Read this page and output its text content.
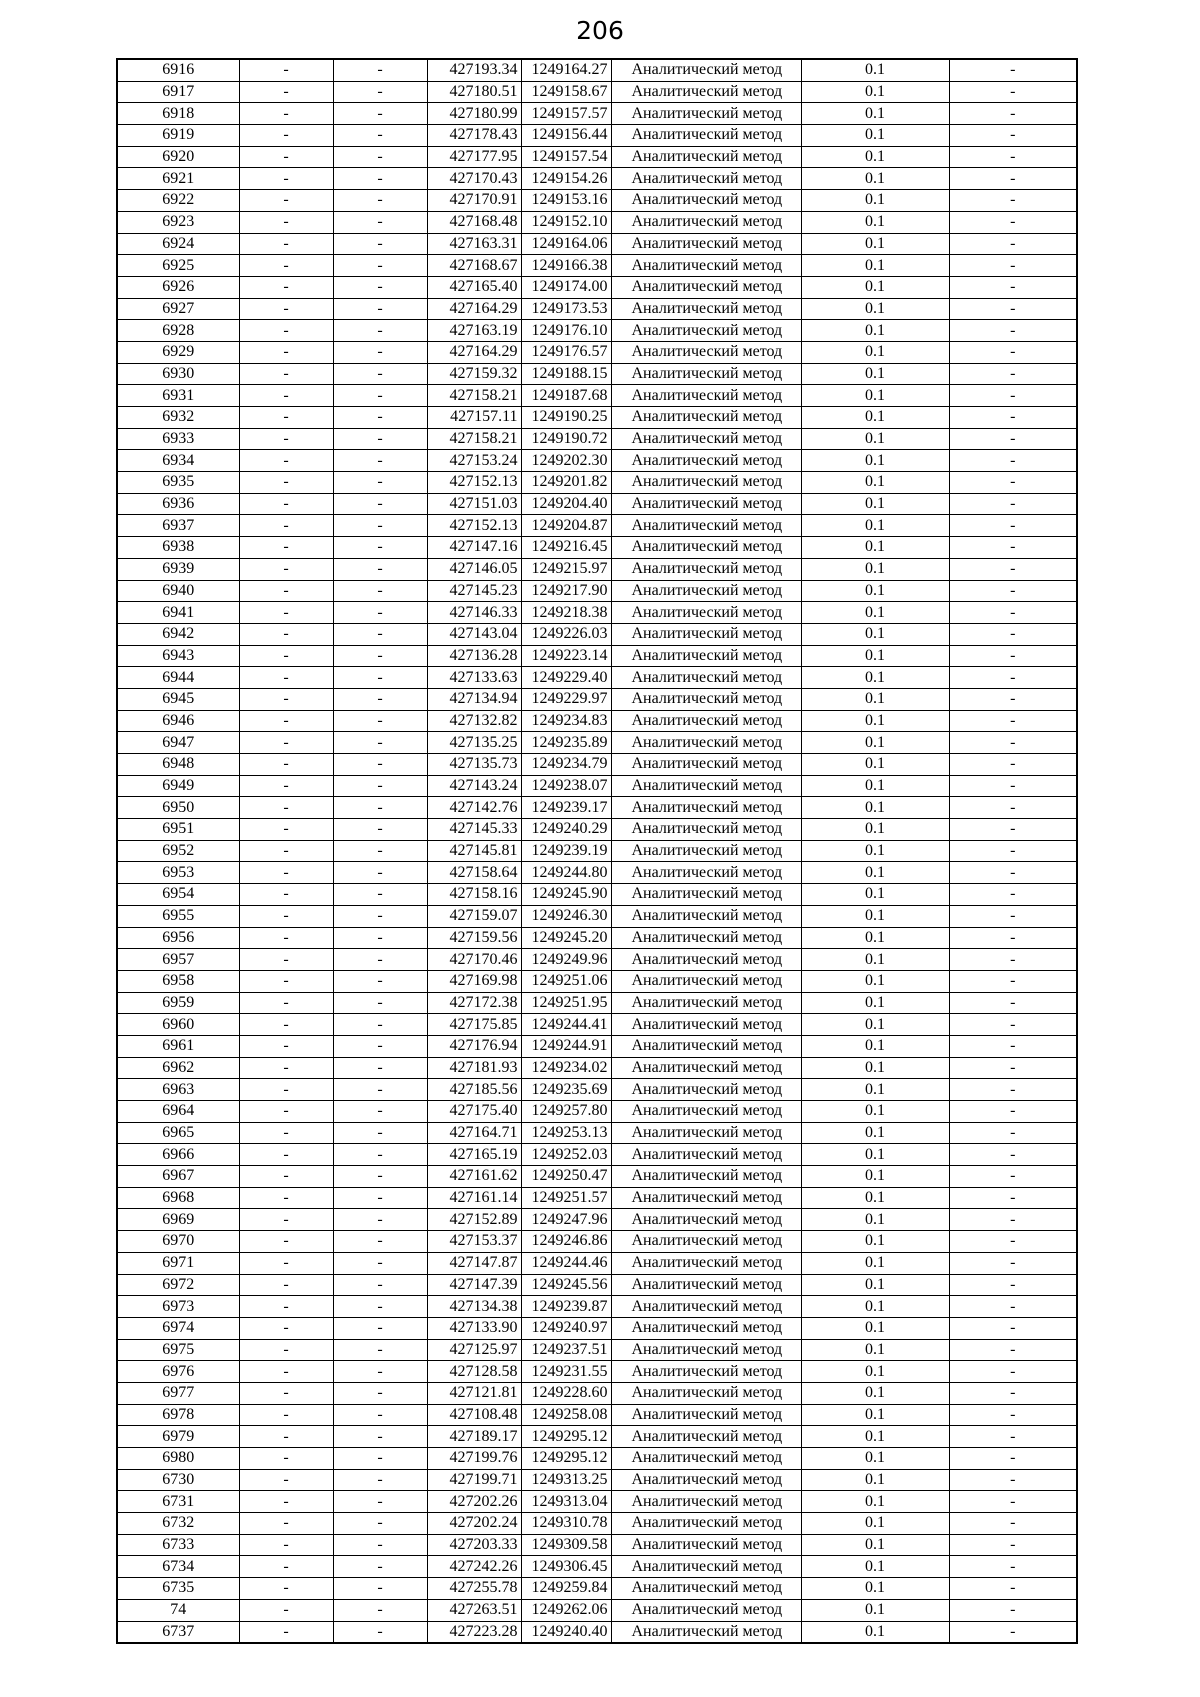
206
6916	-	-	427193.34	1249164.27	Аналитический метод	0.1	-
6917	-	-	427180.51	1249158.67	Аналитический метод	0.1	-
6918	-	-	427180.99	1249157.57	Аналитический метод	0.1	-
6919	-	-	427178.43	1249156.44	Аналитический метод	0.1	-
6920	-	-	427177.95	1249157.54	Аналитический метод	0.1	-
6921	-	-	427170.43	1249154.26	Аналитический метод	0.1	-
6922	-	-	427170.91	1249153.16	Аналитический метод	0.1	-
6923	-	-	427168.48	1249152.10	Аналитический метод	0.1	-
6924	-	-	427163.31	1249164.06	Аналитический метод	0.1	-
6925	-	-	427168.67	1249166.38	Аналитический метод	0.1	-
6926	-	-	427165.40	1249174.00	Аналитический метод	0.1	-
6927	-	-	427164.29	1249173.53	Аналитический метод	0.1	-
6928	-	-	427163.19	1249176.10	Аналитический метод	0.1	-
6929	-	-	427164.29	1249176.57	Аналитический метод	0.1	-
6930	-	-	427159.32	1249188.15	Аналитический метод	0.1	-
6931	-	-	427158.21	1249187.68	Аналитический метод	0.1	-
6932	-	-	427157.11	1249190.25	Аналитический метод	0.1	-
6933	-	-	427158.21	1249190.72	Аналитический метод	0.1	-
6934	-	-	427153.24	1249202.30	Аналитический метод	0.1	-
6935	-	-	427152.13	1249201.82	Аналитический метод	0.1	-
6936	-	-	427151.03	1249204.40	Аналитический метод	0.1	-
6937	-	-	427152.13	1249204.87	Аналитический метод	0.1	-
6938	-	-	427147.16	1249216.45	Аналитический метод	0.1	-
6939	-	-	427146.05	1249215.97	Аналитический метод	0.1	-
6940	-	-	427145.23	1249217.90	Аналитический метод	0.1	-
6941	-	-	427146.33	1249218.38	Аналитический метод	0.1	-
6942	-	-	427143.04	1249226.03	Аналитический метод	0.1	-
6943	-	-	427136.28	1249223.14	Аналитический метод	0.1	-
6944	-	-	427133.63	1249229.40	Аналитический метод	0.1	-
6945	-	-	427134.94	1249229.97	Аналитический метод	0.1	-
6946	-	-	427132.82	1249234.83	Аналитический метод	0.1	-
6947	-	-	427135.25	1249235.89	Аналитический метод	0.1	-
6948	-	-	427135.73	1249234.79	Аналитический метод	0.1	-
6949	-	-	427143.24	1249238.07	Аналитический метод	0.1	-
6950	-	-	427142.76	1249239.17	Аналитический метод	0.1	-
6951	-	-	427145.33	1249240.29	Аналитический метод	0.1	-
6952	-	-	427145.81	1249239.19	Аналитический метод	0.1	-
6953	-	-	427158.64	1249244.80	Аналитический метод	0.1	-
6954	-	-	427158.16	1249245.90	Аналитический метод	0.1	-
6955	-	-	427159.07	1249246.30	Аналитический метод	0.1	-
6956	-	-	427159.56	1249245.20	Аналитический метод	0.1	-
6957	-	-	427170.46	1249249.96	Аналитический метод	0.1	-
6958	-	-	427169.98	1249251.06	Аналитический метод	0.1	-
6959	-	-	427172.38	1249251.95	Аналитический метод	0.1	-
6960	-	-	427175.85	1249244.41	Аналитический метод	0.1	-
6961	-	-	427176.94	1249244.91	Аналитический метод	0.1	-
6962	-	-	427181.93	1249234.02	Аналитический метод	0.1	-
6963	-	-	427185.56	1249235.69	Аналитический метод	0.1	-
6964	-	-	427175.40	1249257.80	Аналитический метод	0.1	-
6965	-	-	427164.71	1249253.13	Аналитический метод	0.1	-
6966	-	-	427165.19	1249252.03	Аналитический метод	0.1	-
6967	-	-	427161.62	1249250.47	Аналитический метод	0.1	-
6968	-	-	427161.14	1249251.57	Аналитический метод	0.1	-
6969	-	-	427152.89	1249247.96	Аналитический метод	0.1	-
6970	-	-	427153.37	1249246.86	Аналитический метод	0.1	-
6971	-	-	427147.87	1249244.46	Аналитический метод	0.1	-
6972	-	-	427147.39	1249245.56	Аналитический метод	0.1	-
6973	-	-	427134.38	1249239.87	Аналитический метод	0.1	-
6974	-	-	427133.90	1249240.97	Аналитический метод	0.1	-
6975	-	-	427125.97	1249237.51	Аналитический метод	0.1	-
6976	-	-	427128.58	1249231.55	Аналитический метод	0.1	-
6977	-	-	427121.81	1249228.60	Аналитический метод	0.1	-
6978	-	-	427108.48	1249258.08	Аналитический метод	0.1	-
6979	-	-	427189.17	1249295.12	Аналитический метод	0.1	-
6980	-	-	427199.76	1249295.12	Аналитический метод	0.1	-
6730	-	-	427199.71	1249313.25	Аналитический метод	0.1	-
6731	-	-	427202.26	1249313.04	Аналитический метод	0.1	-
6732	-	-	427202.24	1249310.78	Аналитический метод	0.1	-
6733	-	-	427203.33	1249309.58	Аналитический метод	0.1	-
6734	-	-	427242.26	1249306.45	Аналитический метод	0.1	-
6735	-	-	427255.78	1249259.84	Аналитический метод	0.1	-
74	-	-	427263.51	1249262.06	Аналитический метод	0.1	-
6737	-	-	427223.28	1249240.40	Аналитический метод	0.1	-
